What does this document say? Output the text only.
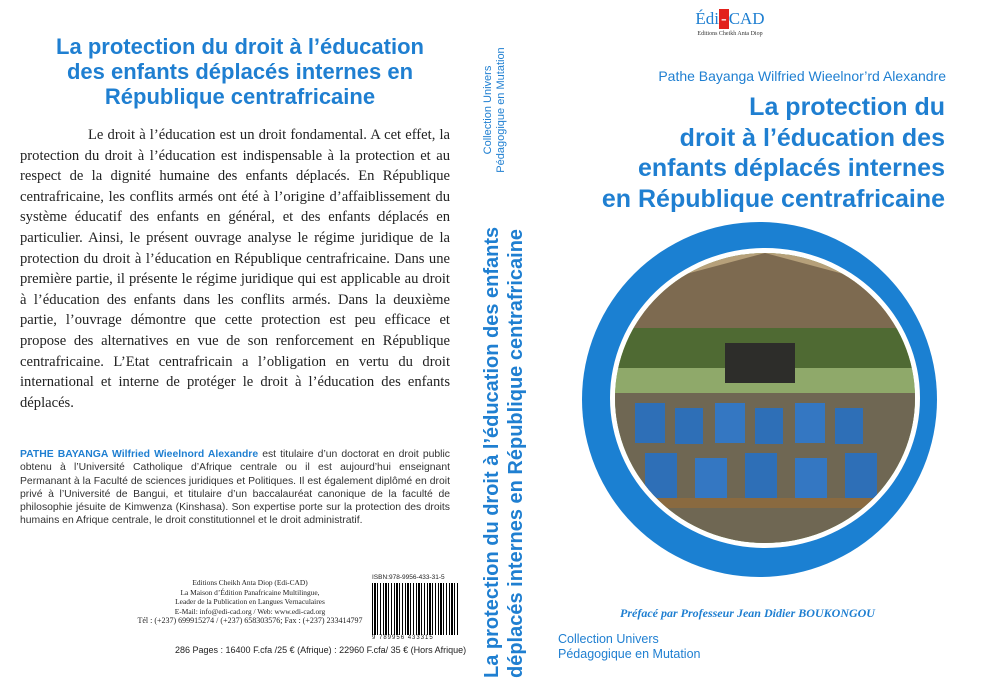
La protection du droit à l’éducation
des enfants déplacés internes en
République centrafricaine
Le droit à l’éducation est un droit fondamental. A cet effet, la protection du droit à l’éducation est indispensable à la protection et au respect de la dignité humaine des enfants déplacés. En République centrafricaine, les conflits armés ont été à l’origine d’affaiblissement du système éducatif des enfants en général, et des enfants déplacés en particulier. Ainsi, le présent ouvrage analyse le régime juridique de la protection du droit à l’éducation en République centrafricaine. Dans une première partie, il présente le régime juridique qui est applicable au droit à l’éducation des enfants dans les conflits armés. Dans la deuxième partie, l’ouvrage démontre que cette protection est peu efficace et propose des alternatives en vue de son renforcement en République centrafricaine. L’Etat centrafricain a l’obligation en vertu du droit international et interne de protéger le droit à l’éducation des enfants déplacés.
PATHE BAYANGA Wilfried Wieelnord Alexandre est titulaire d’un doctorat en droit public obtenu à l’Université Catholique d’Afrique centrale ou il est aujourd’hui enseignant Permanant à la Faculté de sciences juridiques et Politiques. Il est également diplômé en droit privé à l’Université de Bangui, et titulaire d’un baccalauréat canonique de la faculté de philosophie jésuite de Kimwenza (Kinshasa). Son expertise porte sur la protection des droits humains en Afrique centrale, le droit constitutionnel et le droit administratif.
Editions Cheikh Anta Diop (Edi-CAD)
La Maison d’Édition Panafricaine Multilingue,
Leader de la Publication en Langues Vernaculaires
E-Mail: info@edi-cad.org / Web: www.edi-cad.org
Tél : (+237) 699915274 / (+237) 658303576; Fax : (+237) 233414797
ISBN:978-9956-433-31-5
9 789956 433315
286 Pages : 16400 F.cfa /25 € (Afrique) : 22960 F.cfa/ 35 € (Hors Afrique)
Collection Univers Pédagogique en Mutation
La protection du droit à l’éducation des enfants déplacés internes en République centrafricaine
Édi - CAD
Editions Cheikh Anta Diop
Pathe Bayanga Wilfried Wieelnor’rd Alexandre
La protection du
droit à l’éducation des
enfants déplacés internes
en République centrafricaine
Préfacé par Professeur Jean Didier BOUKONGOU
Collection Univers
Pédagogique en Mutation
